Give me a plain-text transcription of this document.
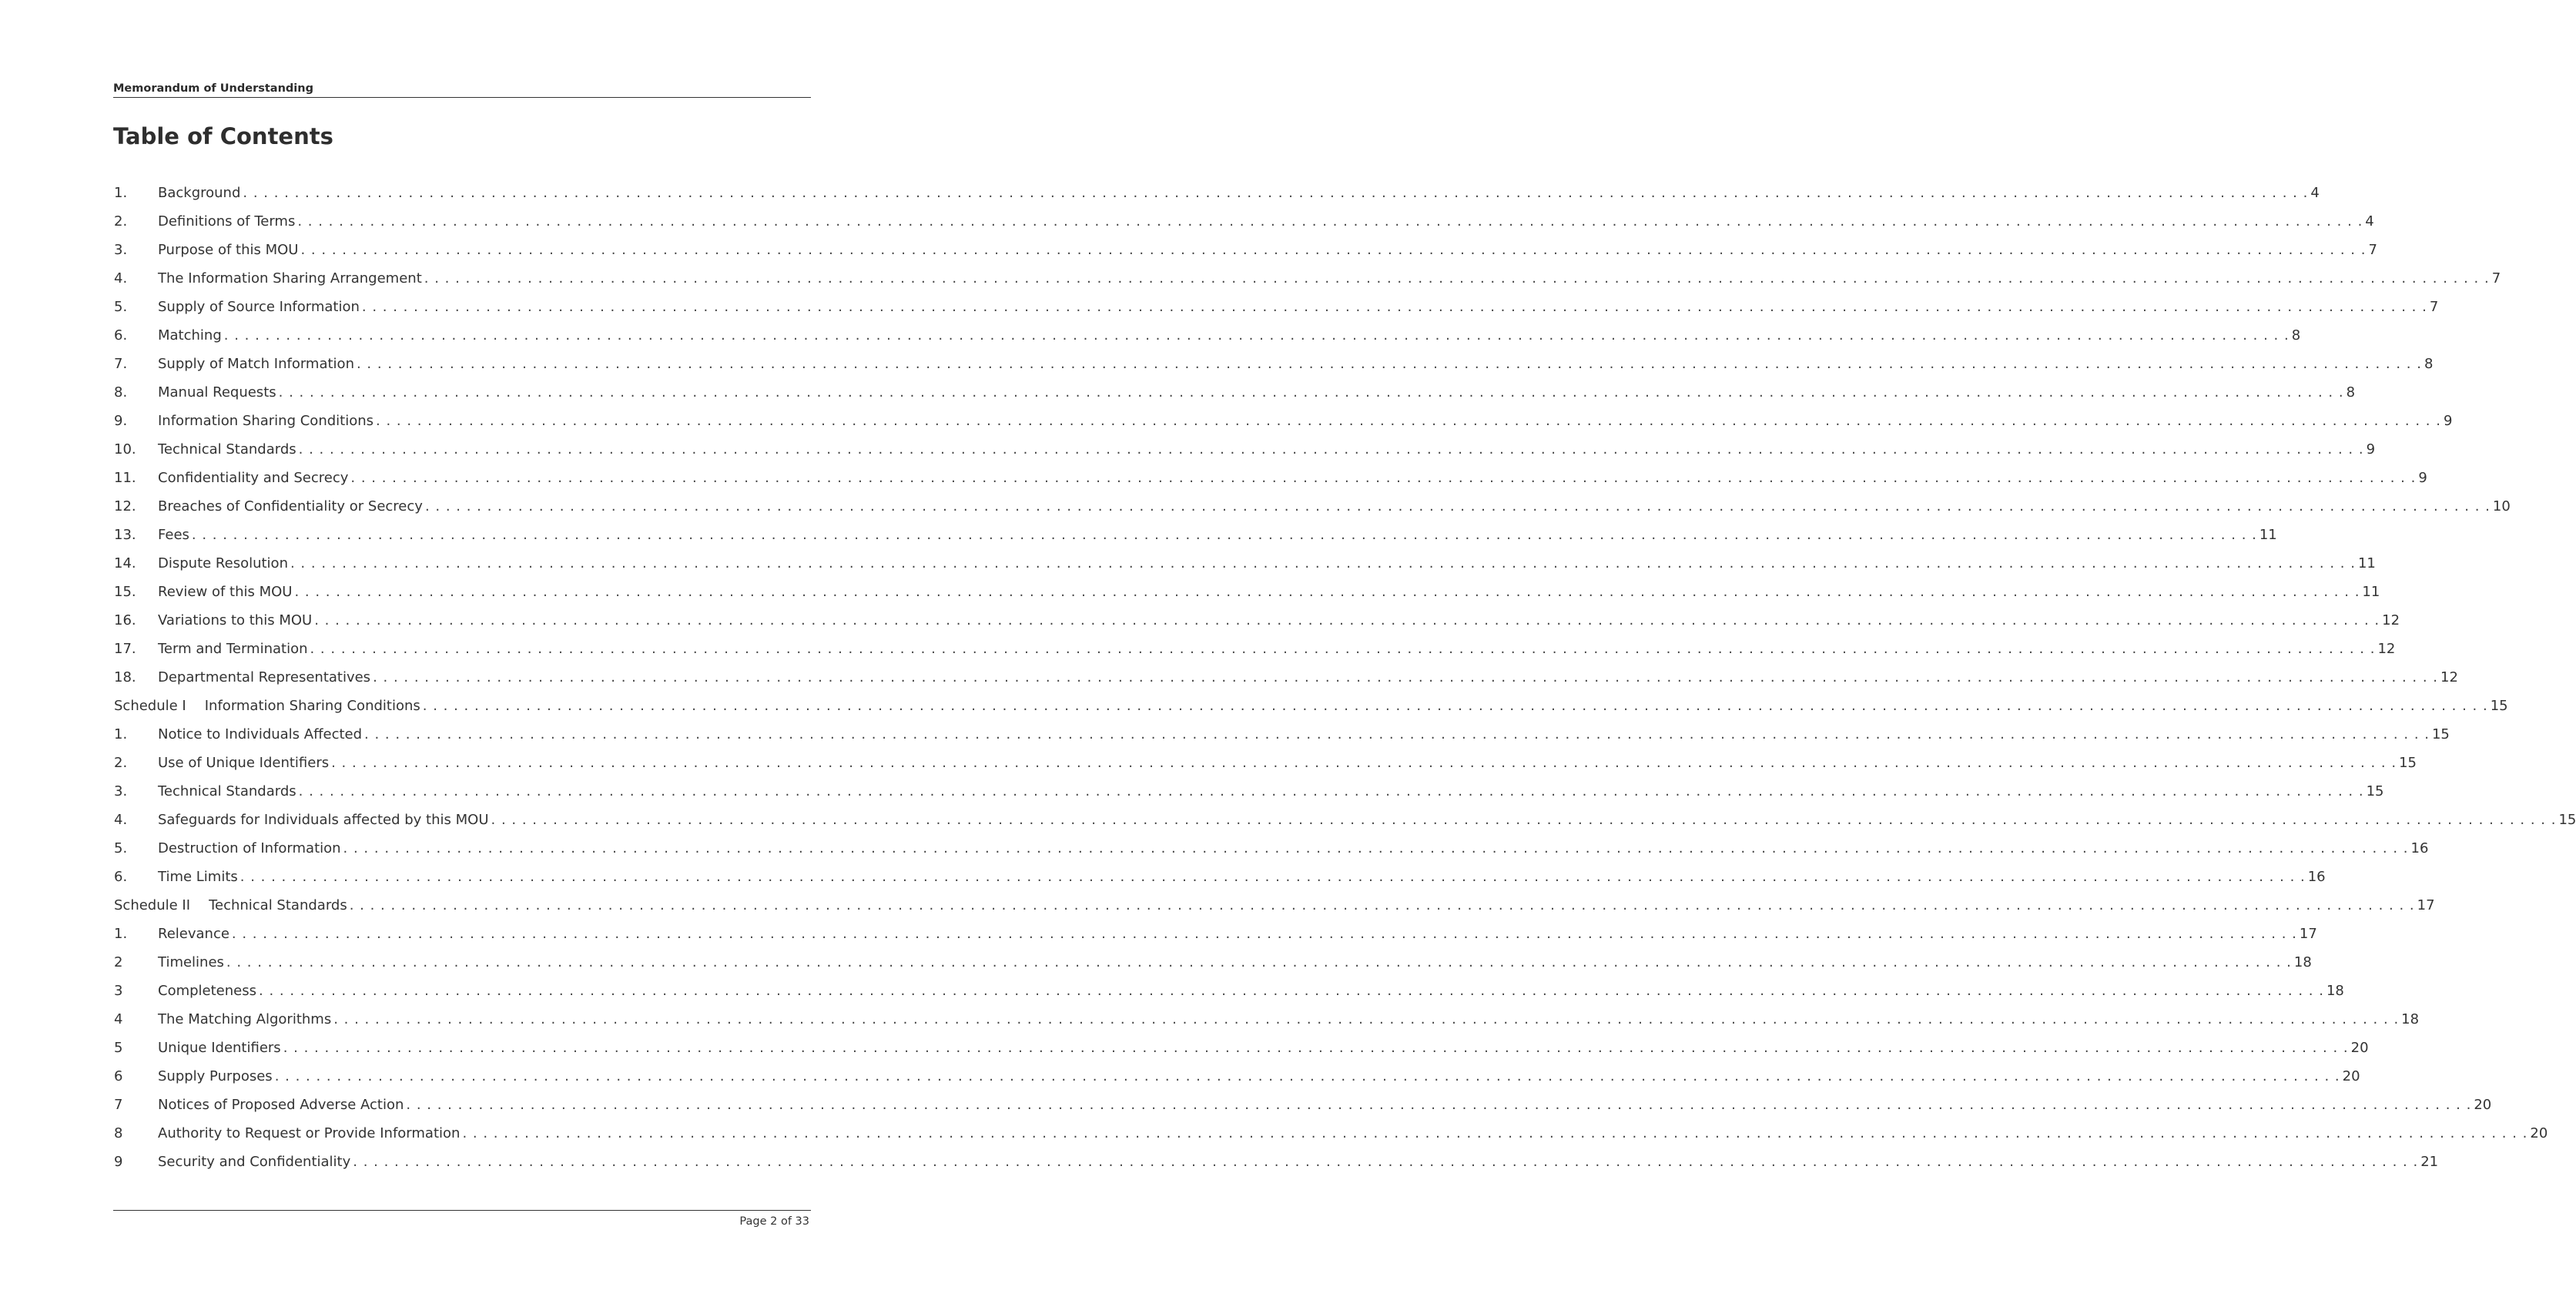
Memorandum of Understanding
Table of Contents
1.	Background . . . . . . . . . . . . . . . . . . . . . . . . . . . . . . . . . . . . . . . . . . . . . . . . . . . . . . . . . . . . . . . . . . . . . . . . . . . . . . . . . . . . . . . . . . . . . . . . . . . . . . . . . . . . . . . . . . . . . . . . . . . . . . . . . . . . . . . . . . . . . . . . . . . . . . . . . . . . . . . . . . . . . . . . . . . . . . . . . . . . . . . . . . . . . . . . . . . . . . . . 4
2.	Definitions of Terms . . . . . . . . . . . . . . . . . . . . . . . . . . . . . . . . . . . . . . . . . . . . . . . . . . . . . . . . . . . . . . . . . . . . . . . . . . . . . . . . . . . . . . . . . . . . . . . . . . . . . . . . . . . . . . . . . . . . . . . . . . . . . . . . . . . . . . . . . . . . . . . . . . . . . . . . . . . . . . . . . . . . . . . . . . . . . . . . . . . . . . . . . . . . . . . . . . . . . . . . 4
3.	Purpose of this MOU . . . . . . . . . . . . . . . . . . . . . . . . . . . . . . . . . . . . . . . . . . . . . . . . . . . . . . . . . . . . . . . . . . . . . . . . . . . . . . . . . . . . . . . . . . . . . . . . . . . . . . . . . . . . . . . . . . . . . . . . . . . . . . . . . . . . . . . . . . . . . . . . . . . . . . . . . . . . . . . . . . . . . . . . . . . . . . . . . . . . . . . . . . . . . . . . . . . . . . . . 7
4.	The Information Sharing Arrangement . . . . . . . . . . . . . . . . . . . . . . . . . . . . . . . . . . . . . . . . . . . . . . . . . . . . . . . . . . . . . . . . . . . . . . . . . . . . . . . . . . . . . . . . . . . . . . . . . . . . . . . . . . . . . . . . . . . . . . . . . . . . . . . . . . . . . . . . . . . . . . . . . . . . . . . . . . . . . . . . . . . . . . . . . . . . . . . . . . . . . . . . . . . . . . . . . . . . . . . . 7
5.	Supply of Source Information . . . . . . . . . . . . . . . . . . . . . . . . . . . . . . . . . . . . . . . . . . . . . . . . . . . . . . . . . . . . . . . . . . . . . . . . . . . . . . . . . . . . . . . . . . . . . . . . . . . . . . . . . . . . . . . . . . . . . . . . . . . . . . . . . . . . . . . . . . . . . . . . . . . . . . . . . . . . . . . . . . . . . . . . . . . . . . . . . . . . . . . . . . . . . . . . . . . . . . . . 7
6.	Matching . . . . . . . . . . . . . . . . . . . . . . . . . . . . . . . . . . . . . . . . . . . . . . . . . . . . . . . . . . . . . . . . . . . . . . . . . . . . . . . . . . . . . . . . . . . . . . . . . . . . . . . . . . . . . . . . . . . . . . . . . . . . . . . . . . . . . . . . . . . . . . . . . . . . . . . . . . . . . . . . . . . . . . . . . . . . . . . . . . . . . . . . . . . . . . . . . . . . . . . . 8
7.	Supply of Match Information . . . . . . . . . . . . . . . . . . . . . . . . . . . . . . . . . . . . . . . . . . . . . . . . . . . . . . . . . . . . . . . . . . . . . . . . . . . . . . . . . . . . . . . . . . . . . . . . . . . . . . . . . . . . . . . . . . . . . . . . . . . . . . . . . . . . . . . . . . . . . . . . . . . . . . . . . . . . . . . . . . . . . . . . . . . . . . . . . . . . . . . . . . . . . . . . . . . . . . . . 8
8.	Manual Requests . . . . . . . . . . . . . . . . . . . . . . . . . . . . . . . . . . . . . . . . . . . . . . . . . . . . . . . . . . . . . . . . . . . . . . . . . . . . . . . . . . . . . . . . . . . . . . . . . . . . . . . . . . . . . . . . . . . . . . . . . . . . . . . . . . . . . . . . . . . . . . . . . . . . . . . . . . . . . . . . . . . . . . . . . . . . . . . . . . . . . . . . . . . . . . . . . . . . . . . . 8
9.	Information Sharing Conditions . . . . . . . . . . . . . . . . . . . . . . . . . . . . . . . . . . . . . . . . . . . . . . . . . . . . . . . . . . . . . . . . . . . . . . . . . . . . . . . . . . . . . . . . . . . . . . . . . . . . . . . . . . . . . . . . . . . . . . . . . . . . . . . . . . . . . . . . . . . . . . . . . . . . . . . . . . . . . . . . . . . . . . . . . . . . . . . . . . . . . . . . . . . . . . . . . . . . . . . . 9
10.	Technical Standards . . . . . . . . . . . . . . . . . . . . . . . . . . . . . . . . . . . . . . . . . . . . . . . . . . . . . . . . . . . . . . . . . . . . . . . . . . . . . . . . . . . . . . . . . . . . . . . . . . . . . . . . . . . . . . . . . . . . . . . . . . . . . . . . . . . . . . . . . . . . . . . . . . . . . . . . . . . . . . . . . . . . . . . . . . . . . . . . . . . . . . . . . . . . . . . . . . . . . . . . 9
11.	Confidentiality and Secrecy . . . . . . . . . . . . . . . . . . . . . . . . . . . . . . . . . . . . . . . . . . . . . . . . . . . . . . . . . . . . . . . . . . . . . . . . . . . . . . . . . . . . . . . . . . . . . . . . . . . . . . . . . . . . . . . . . . . . . . . . . . . . . . . . . . . . . . . . . . . . . . . . . . . . . . . . . . . . . . . . . . . . . . . . . . . . . . . . . . . . . . . . . . . . . . . . . . . . . . . . 9
12.	Breaches of Confidentiality or Secrecy . . . . . . . . . . . . . . . . . . . . . . . . . . . . . . . . . . . . . . . . . . . . . . . . . . . . . . . . . . . . . . . . . . . . . . . . . . . . . . . . . . . . . . . . . . . . . . . . . . . . . . . . . . . . . . . . . . . . . . . . . . . . . . . . . . . . . . . . . . . . . . . . . . . . . . . . . . . . . . . . . . . . . . . . . . . . . . . . . . . . . . . . . . . . . . . . . . . . . . . . 10
13.	Fees . . . . . . . . . . . . . . . . . . . . . . . . . . . . . . . . . . . . . . . . . . . . . . . . . . . . . . . . . . . . . . . . . . . . . . . . . . . . . . . . . . . . . . . . . . . . . . . . . . . . . . . . . . . . . . . . . . . . . . . . . . . . . . . . . . . . . . . . . . . . . . . . . . . . . . . . . . . . . . . . . . . . . . . . . . . . . . . . . . . . . . . . . . . . . . . . . . . . . . . . 11
14.	Dispute Resolution . . . . . . . . . . . . . . . . . . . . . . . . . . . . . . . . . . . . . . . . . . . . . . . . . . . . . . . . . . . . . . . . . . . . . . . . . . . . . . . . . . . . . . . . . . . . . . . . . . . . . . . . . . . . . . . . . . . . . . . . . . . . . . . . . . . . . . . . . . . . . . . . . . . . . . . . . . . . . . . . . . . . . . . . . . . . . . . . . . . . . . . . . . . . . . . . . . . . . . . . 11
15.	Review of this MOU . . . . . . . . . . . . . . . . . . . . . . . . . . . . . . . . . . . . . . . . . . . . . . . . . . . . . . . . . . . . . . . . . . . . . . . . . . . . . . . . . . . . . . . . . . . . . . . . . . . . . . . . . . . . . . . . . . . . . . . . . . . . . . . . . . . . . . . . . . . . . . . . . . . . . . . . . . . . . . . . . . . . . . . . . . . . . . . . . . . . . . . . . . . . . . . . . . . . . . . . 11
16.	Variations to this MOU . . . . . . . . . . . . . . . . . . . . . . . . . . . . . . . . . . . . . . . . . . . . . . . . . . . . . . . . . . . . . . . . . . . . . . . . . . . . . . . . . . . . . . . . . . . . . . . . . . . . . . . . . . . . . . . . . . . . . . . . . . . . . . . . . . . . . . . . . . . . . . . . . . . . . . . . . . . . . . . . . . . . . . . . . . . . . . . . . . . . . . . . . . . . . . . . . . . . . . . . 12
17.	Term and Termination . . . . . . . . . . . . . . . . . . . . . . . . . . . . . . . . . . . . . . . . . . . . . . . . . . . . . . . . . . . . . . . . . . . . . . . . . . . . . . . . . . . . . . . . . . . . . . . . . . . . . . . . . . . . . . . . . . . . . . . . . . . . . . . . . . . . . . . . . . . . . . . . . . . . . . . . . . . . . . . . . . . . . . . . . . . . . . . . . . . . . . . . . . . . . . . . . . . . . . . . 12
18.	Departmental Representatives . . . . . . . . . . . . . . . . . . . . . . . . . . . . . . . . . . . . . . . . . . . . . . . . . . . . . . . . . . . . . . . . . . . . . . . . . . . . . . . . . . . . . . . . . . . . . . . . . . . . . . . . . . . . . . . . . . . . . . . . . . . . . . . . . . . . . . . . . . . . . . . . . . . . . . . . . . . . . . . . . . . . . . . . . . . . . . . . . . . . . . . . . . . . . . . . . . . . . . . . 12
Schedule I Information Sharing Conditions . . . . . . . . . . . . . . . . . . . . . . . . . . . . . . . . . . . . . . . . . . . . . . . . . . . . . . . . . . . . . . . . . . . . . . . . . . . . . . . . . . . . . . . . . . . . . . . . . . . . . . . . . . . . . . . . . . . . . . . . . . . . . . . . . . . . . . . . . . . . . . . . . . . . . . . . . . . . . . . . . . . . . . . . . . . . . . . . . . . . . . . . . . . . . . . . . . . . . . . . 15
1.	Notice to Individuals Affected . . . . . . . . . . . . . . . . . . . . . . . . . . . . . . . . . . . . . . . . . . . . . . . . . . . . . . . . . . . . . . . . . . . . . . . . . . . . . . . . . . . . . . . . . . . . . . . . . . . . . . . . . . . . . . . . . . . . . . . . . . . . . . . . . . . . . . . . . . . . . . . . . . . . . . . . . . . . . . . . . . . . . . . . . . . . . . . . . . . . . . . . . . . . . . . . . . . . . . . . 15
2.	Use of Unique Identifiers . . . . . . . . . . . . . . . . . . . . . . . . . . . . . . . . . . . . . . . . . . . . . . . . . . . . . . . . . . . . . . . . . . . . . . . . . . . . . . . . . . . . . . . . . . . . . . . . . . . . . . . . . . . . . . . . . . . . . . . . . . . . . . . . . . . . . . . . . . . . . . . . . . . . . . . . . . . . . . . . . . . . . . . . . . . . . . . . . . . . . . . . . . . . . . . . . . . . . . . . 15
3.	Technical Standards . . . . . . . . . . . . . . . . . . . . . . . . . . . . . . . . . . . . . . . . . . . . . . . . . . . . . . . . . . . . . . . . . . . . . . . . . . . . . . . . . . . . . . . . . . . . . . . . . . . . . . . . . . . . . . . . . . . . . . . . . . . . . . . . . . . . . . . . . . . . . . . . . . . . . . . . . . . . . . . . . . . . . . . . . . . . . . . . . . . . . . . . . . . . . . . . . . . . . . . . 15
4.	Safeguards for Individuals affected by this MOU . . . . . . . . . . . . . . . . . . . . . . . . . . . . . . . . . . . . . . . . . . . . . . . . . . . . . . . . . . . . . . . . . . . . . . . . . . . . . . . . . . . . . . . . . . . . . . . . . . . . . . . . . . . . . . . . . . . . . . . . . . . . . . . . . . . . . . . . . . . . . . . . . . . . . . . . . . . . . . . . . . . . . . . . . . . . . . . . . . . . . . . . . . . . . . . . . . . . . . . . 15
5.	Destruction of Information . . . . . . . . . . . . . . . . . . . . . . . . . . . . . . . . . . . . . . . . . . . . . . . . . . . . . . . . . . . . . . . . . . . . . . . . . . . . . . . . . . . . . . . . . . . . . . . . . . . . . . . . . . . . . . . . . . . . . . . . . . . . . . . . . . . . . . . . . . . . . . . . . . . . . . . . . . . . . . . . . . . . . . . . . . . . . . . . . . . . . . . . . . . . . . . . . . . . . . . . 16
6.	Time Limits . . . . . . . . . . . . . . . . . . . . . . . . . . . . . . . . . . . . . . . . . . . . . . . . . . . . . . . . . . . . . . . . . . . . . . . . . . . . . . . . . . . . . . . . . . . . . . . . . . . . . . . . . . . . . . . . . . . . . . . . . . . . . . . . . . . . . . . . . . . . . . . . . . . . . . . . . . . . . . . . . . . . . . . . . . . . . . . . . . . . . . . . . . . . . . . . . . . . . . . . 16
Schedule II Technical Standards . . . . . . . . . . . . . . . . . . . . . . . . . . . . . . . . . . . . . . . . . . . . . . . . . . . . . . . . . . . . . . . . . . . . . . . . . . . . . . . . . . . . . . . . . . . . . . . . . . . . . . . . . . . . . . . . . . . . . . . . . . . . . . . . . . . . . . . . . . . . . . . . . . . . . . . . . . . . . . . . . . . . . . . . . . . . . . . . . . . . . . . . . . . . . . . . . . . . . . . . 17
1.	Relevance . . . . . . . . . . . . . . . . . . . . . . . . . . . . . . . . . . . . . . . . . . . . . . . . . . . . . . . . . . . . . . . . . . . . . . . . . . . . . . . . . . . . . . . . . . . . . . . . . . . . . . . . . . . . . . . . . . . . . . . . . . . . . . . . . . . . . . . . . . . . . . . . . . . . . . . . . . . . . . . . . . . . . . . . . . . . . . . . . . . . . . . . . . . . . . . . . . . . . . . . 17
2	Timelines . . . . . . . . . . . . . . . . . . . . . . . . . . . . . . . . . . . . . . . . . . . . . . . . . . . . . . . . . . . . . . . . . . . . . . . . . . . . . . . . . . . . . . . . . . . . . . . . . . . . . . . . . . . . . . . . . . . . . . . . . . . . . . . . . . . . . . . . . . . . . . . . . . . . . . . . . . . . . . . . . . . . . . . . . . . . . . . . . . . . . . . . . . . . . . . . . . . . . . . . 18
3	Completeness . . . . . . . . . . . . . . . . . . . . . . . . . . . . . . . . . . . . . . . . . . . . . . . . . . . . . . . . . . . . . . . . . . . . . . . . . . . . . . . . . . . . . . . . . . . . . . . . . . . . . . . . . . . . . . . . . . . . . . . . . . . . . . . . . . . . . . . . . . . . . . . . . . . . . . . . . . . . . . . . . . . . . . . . . . . . . . . . . . . . . . . . . . . . . . . . . . . . . . . . 18
4	The Matching Algorithms . . . . . . . . . . . . . . . . . . . . . . . . . . . . . . . . . . . . . . . . . . . . . . . . . . . . . . . . . . . . . . . . . . . . . . . . . . . . . . . . . . . . . . . . . . . . . . . . . . . . . . . . . . . . . . . . . . . . . . . . . . . . . . . . . . . . . . . . . . . . . . . . . . . . . . . . . . . . . . . . . . . . . . . . . . . . . . . . . . . . . . . . . . . . . . . . . . . . . . . . 18
5	Unique Identifiers . . . . . . . . . . . . . . . . . . . . . . . . . . . . . . . . . . . . . . . . . . . . . . . . . . . . . . . . . . . . . . . . . . . . . . . . . . . . . . . . . . . . . . . . . . . . . . . . . . . . . . . . . . . . . . . . . . . . . . . . . . . . . . . . . . . . . . . . . . . . . . . . . . . . . . . . . . . . . . . . . . . . . . . . . . . . . . . . . . . . . . . . . . . . . . . . . . . . . . . . 20
6	Supply Purposes . . . . . . . . . . . . . . . . . . . . . . . . . . . . . . . . . . . . . . . . . . . . . . . . . . . . . . . . . . . . . . . . . . . . . . . . . . . . . . . . . . . . . . . . . . . . . . . . . . . . . . . . . . . . . . . . . . . . . . . . . . . . . . . . . . . . . . . . . . . . . . . . . . . . . . . . . . . . . . . . . . . . . . . . . . . . . . . . . . . . . . . . . . . . . . . . . . . . . . . . 20
7	Notices of Proposed Adverse Action . . . . . . . . . . . . . . . . . . . . . . . . . . . . . . . . . . . . . . . . . . . . . . . . . . . . . . . . . . . . . . . . . . . . . . . . . . . . . . . . . . . . . . . . . . . . . . . . . . . . . . . . . . . . . . . . . . . . . . . . . . . . . . . . . . . . . . . . . . . . . . . . . . . . . . . . . . . . . . . . . . . . . . . . . . . . . . . . . . . . . . . . . . . . . . . . . . . . . . . . 20
8	Authority to Request or Provide Information . . . . . . . . . . . . . . . . . . . . . . . . . . . . . . . . . . . . . . . . . . . . . . . . . . . . . . . . . . . . . . . . . . . . . . . . . . . . . . . . . . . . . . . . . . . . . . . . . . . . . . . . . . . . . . . . . . . . . . . . . . . . . . . . . . . . . . . . . . . . . . . . . . . . . . . . . . . . . . . . . . . . . . . . . . . . . . . . . . . . . . . . . . . . . . . . . . . . . . . . 20
9	Security and Confidentiality . . . . . . . . . . . . . . . . . . . . . . . . . . . . . . . . . . . . . . . . . . . . . . . . . . . . . . . . . . . . . . . . . . . . . . . . . . . . . . . . . . . . . . . . . . . . . . . . . . . . . . . . . . . . . . . . . . . . . . . . . . . . . . . . . . . . . . . . . . . . . . . . . . . . . . . . . . . . . . . . . . . . . . . . . . . . . . . . . . . . . . . . . . . . . . . . . . . . . . . . 21
Page 2 of 33
